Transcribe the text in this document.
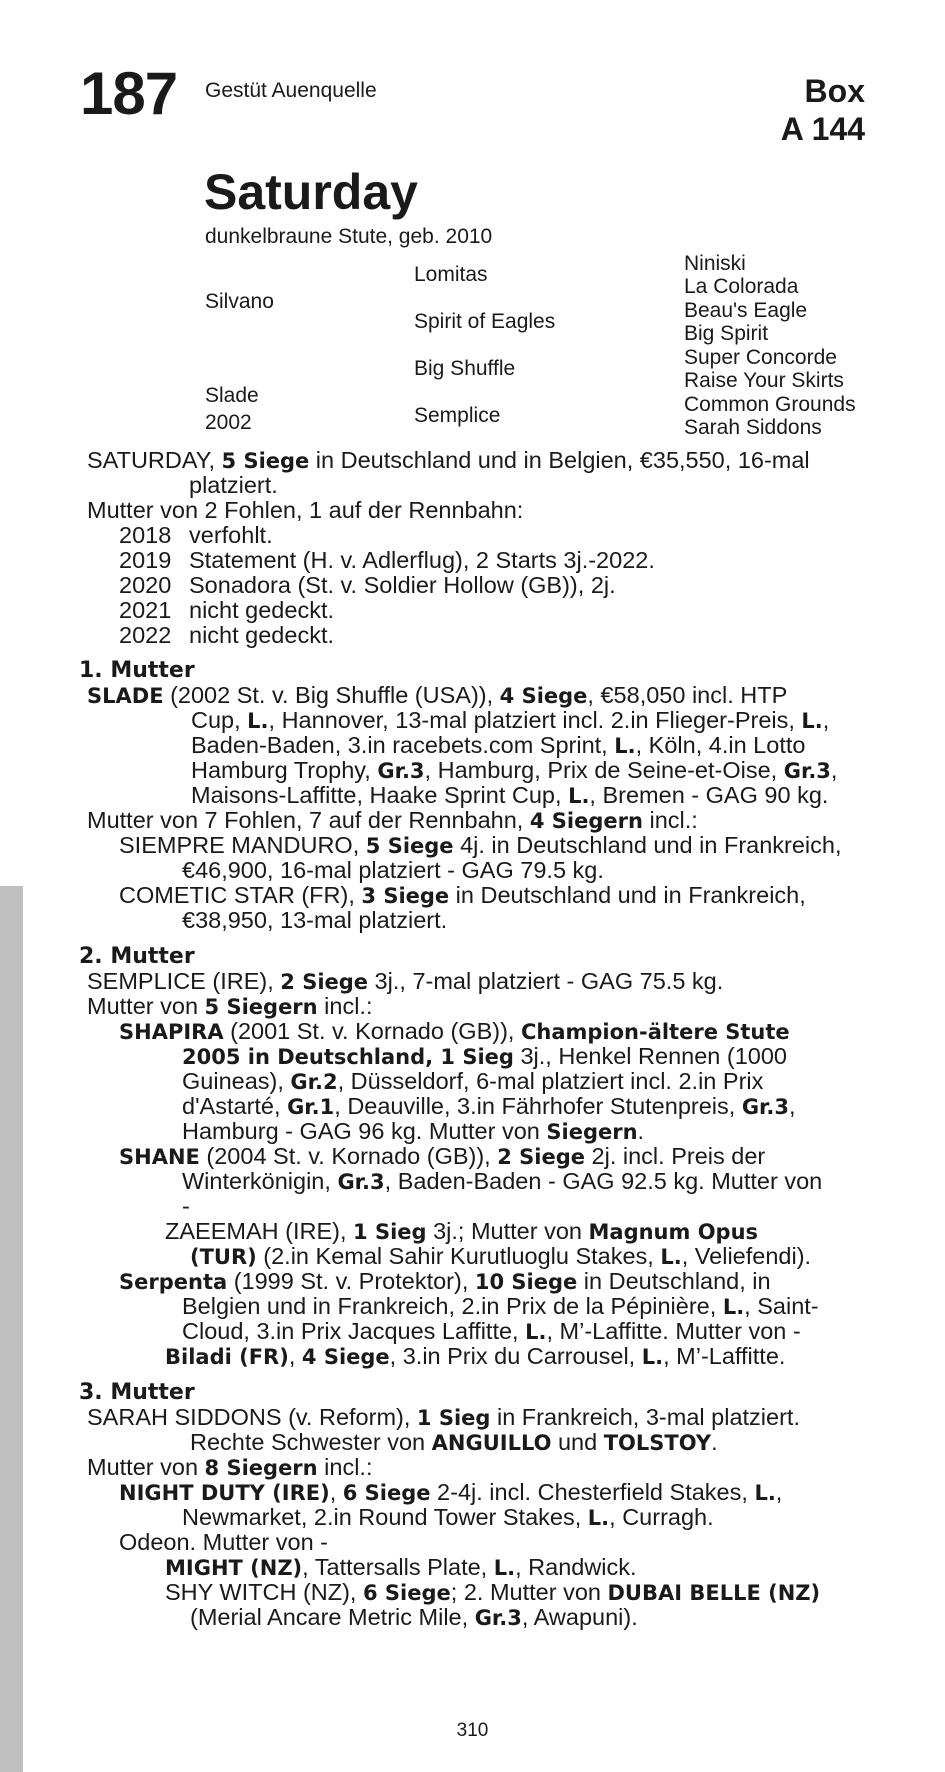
187 Gestüt Auenquelle	Box
A 144
Saturday
dunkelbraune Stute, geb. 2010
Silvano
Slade
2002
Lomitas
Spirit of Eagles
Big Shuffle
Semplice
Niniski
La Colorada
Beau's Eagle
Big Spirit
Super Concorde
Raise Your Skirts
Common Grounds
Sarah Siddons
SATURDAY, 5 Siege in Deutschland und in Belgien, €35,550, 16-mal
platziert.
Mutter von 2 Fohlen, 1 auf der Rennbahn:
2018 verfohlt.
2019 Statement (H. v. Adlerflug), 2 Starts 3j.-2022.
2020 Sonadora (St. v. Soldier Hollow (GB)), 2j.
2021 nicht gedeckt.
2022 nicht gedeckt.
1. Mutter
SLADE (2002 St. v. Big Shuffle (USA)), 4 Siege, €58,050 incl. HTP
Cup, L., Hannover, 13-mal platziert incl. 2.in Flieger-Preis, L.,
Baden-Baden, 3.in racebets.com Sprint, L., Köln, 4.in Lotto
Hamburg Trophy, Gr.3, Hamburg, Prix de Seine-et-Oise, Gr.3,
Maisons-Laffitte, Haake Sprint Cup, L., Bremen - GAG 90 kg.
Mutter von 7 Fohlen, 7 auf der Rennbahn, 4 Siegern incl.:
SIEMPRE MANDURO, 5 Siege 4j. in Deutschland und in Frankreich,
€46,900, 16-mal platziert - GAG 79.5 kg.
COMETIC STAR (FR), 3 Siege in Deutschland und in Frankreich,
€38,950, 13-mal platziert.
2. Mutter
SEMPLICE (IRE), 2 Siege 3j., 7-mal platziert - GAG 75.5 kg.
Mutter von 5 Siegern incl.:
SHAPIRA (2001 St. v. Kornado (GB)), Champion-ältere Stute
2005 in Deutschland, 1 Sieg 3j., Henkel Rennen (1000
Guineas), Gr.2, Düsseldorf, 6-mal platziert incl. 2.in Prix
d'Astarté, Gr.1, Deauville, 3.in Fährhofer Stutenpreis, Gr.3,
Hamburg - GAG 96 kg. Mutter von Siegern.
SHANE (2004 St. v. Kornado (GB)), 2 Siege 2j. incl. Preis der
Winterkönigin, Gr.3, Baden-Baden - GAG 92.5 kg. Mutter von
-
ZAEEMAH (IRE), 1 Sieg 3j.; Mutter von Magnum Opus
(TUR) (2.in Kemal Sahir Kurutluoglu Stakes, L., Veliefendi).
Serpenta (1999 St. v. Protektor), 10 Siege in Deutschland, in
Belgien und in Frankreich, 2.in Prix de la Pépinière, L., Saint-
Cloud, 3.in Prix Jacques Laffitte, L., M’-Laffitte. Mutter von -
Biladi (FR), 4 Siege, 3.in Prix du Carrousel, L., M’-Laffitte.
3. Mutter
SARAH SIDDONS (v. Reform), 1 Sieg in Frankreich, 3-mal platziert.
Rechte Schwester von ANGUILLO und TOLSTOY.
Mutter von 8 Siegern incl.:
NIGHT DUTY (IRE), 6 Siege 2-4j. incl. Chesterfield Stakes, L.,
Newmarket, 2.in Round Tower Stakes, L., Curragh.
Odeon. Mutter von -
MIGHT (NZ), Tattersalls Plate, L., Randwick.
SHY WITCH (NZ), 6 Siege; 2. Mutter von DUBAI BELLE (NZ)
(Merial Ancare Metric Mile, Gr.3, Awapuni).
310
